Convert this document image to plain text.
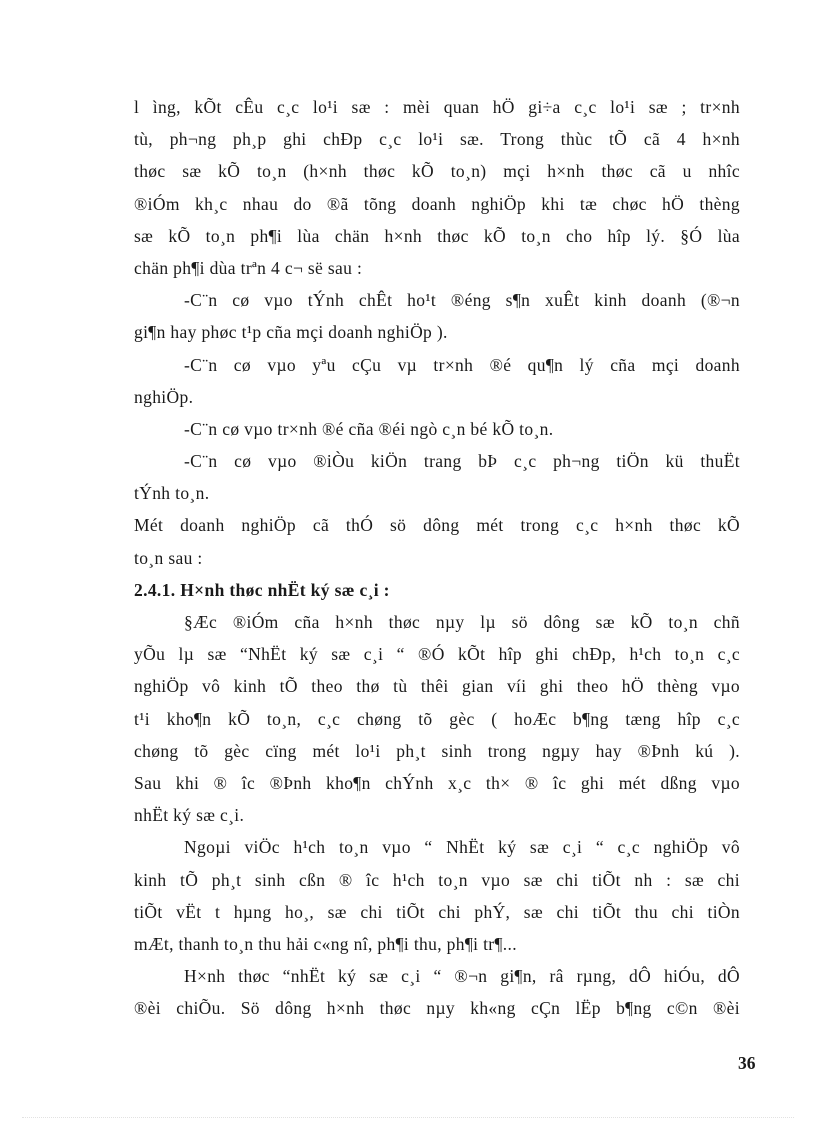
l ìng, kÕt cÊu c¸c lo¹i sæ : mèi quan hÖ gi÷a c¸c lo¹i sæ ; tr×nh
tù, ph¬ng ph¸p ghi chÐp c¸c lo¹i sæ. Trong thùc tÕ cã 4 h×nh
thøc sæ kÕ to¸n (h×nh thøc kÕ to¸n) mçi h×nh thøc cã u nhîc
®iÓm kh¸c nhau do ®ã tõng doanh nghiÖp khi tæ chøc hÖ thèng
sæ kÕ to¸n ph¶i lùa chän h×nh thøc kÕ to¸n cho hîp lý. §Ó lùa
chän ph¶i dùa trªn 4 c¬ së sau :
-C¨n cø vµo tÝnh chÊt ho¹t ®éng s¶n xuÊt kinh doanh (®¬n
gi¶n hay phøc t¹p cña mçi doanh nghiÖp ).
-C¨n cø vµo yªu cÇu vµ tr×nh ®é qu¶n lý cña mçi doanh
nghiÖp.
-C¨n cø vµo tr×nh ®é cña ®éi ngò c¸n bé kÕ to¸n.
-C¨n cø vµo ®iÒu kiÖn trang bÞ c¸c ph¬ng tiÖn kü thuËt
tÝnh to¸n.
Mét doanh nghiÖp cã thÓ sö dông mét trong c¸c h×nh thøc kÕ
to¸n sau :
2.4.1. H×nh thøc nhËt ký sæ c¸i :
§Æc ®iÓm cña h×nh thøc nµy lµ sö dông sæ kÕ to¸n chñ
yÕu lµ sæ “NhËt ký sæ c¸i “ ®Ó kÕt hîp ghi chÐp, h¹ch to¸n c¸c
nghiÖp vô kinh tÕ theo thø tù thêi gian víi ghi theo hÖ thèng vµo
t¹i kho¶n kÕ to¸n, c¸c chøng tõ gèc ( hoÆc b¶ng tæng hîp c¸c
chøng tõ gèc cïng mét lo¹i ph¸t sinh trong ngµy hay ®Þnh kú ).
Sau khi ® îc ®Þnh kho¶n chÝnh x¸c th× ® îc ghi mét dßng vµo
nhËt ký sæ c¸i.
Ngoµi viÖc h¹ch to¸n vµo “ NhËt ký sæ c¸i “ c¸c nghiÖp vô
kinh tÕ ph¸t sinh cßn ® îc h¹ch to¸n vµo sæ chi tiÕt nh : sæ chi
tiÕt vËt t hµng ho¸, sæ chi tiÕt chi phÝ, sæ chi tiÕt thu chi tiÒn
mÆt, thanh to¸n thu hải c«ng nî, ph¶i thu, ph¶i tr¶...
H×nh thøc “nhËt ký sæ c¸i “ ®¬n gi¶n, râ rµng, dÔ hiÓu, dÔ
®èi chiÕu. Sö dông h×nh thøc nµy kh«ng cÇn lËp b¶ng c©n ®èi
36
